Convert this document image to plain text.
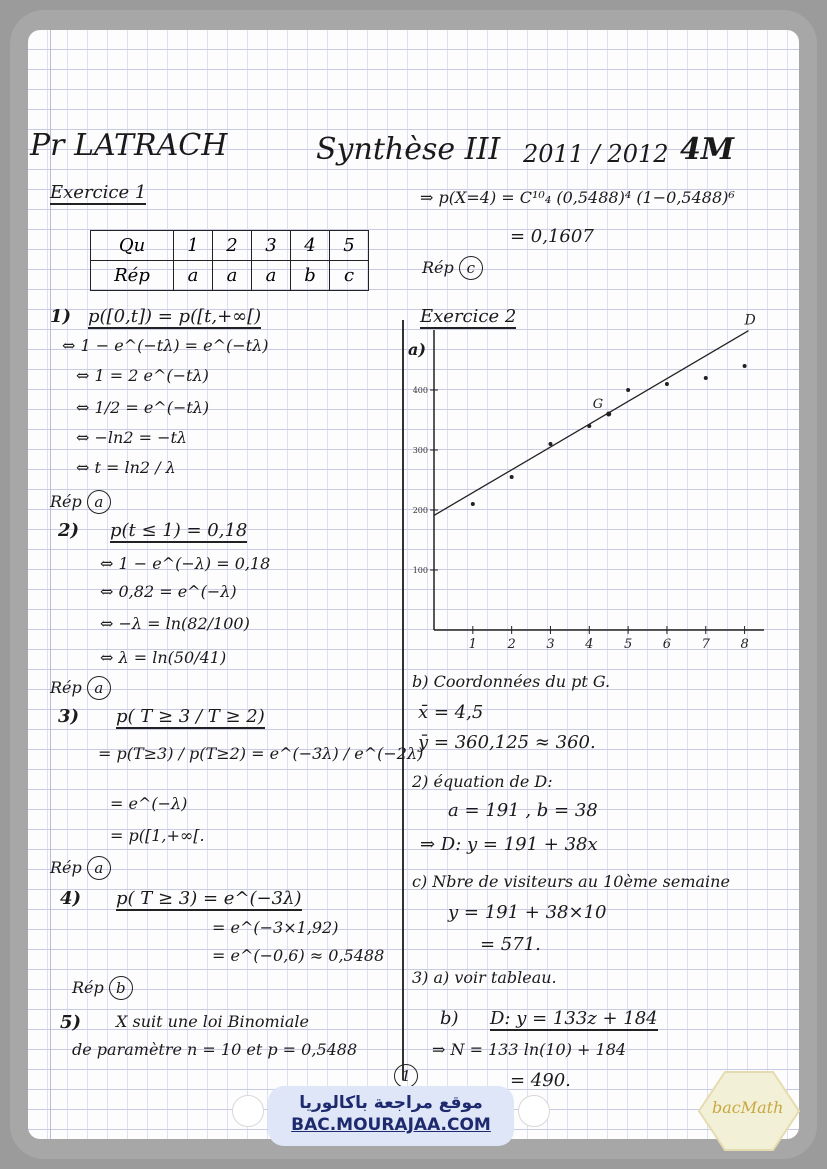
Pr LATRACH	Synthèse III 2011 / 2012 4M
Exercice 1
Qu	1	2	3	4	5
Rép	a	a	a	b	c
1) p([0,t]) = p([t,+∞[)
⇔ 1 − e^(−tλ) = e^(−tλ)
⇔ 1 = 2 e^(−tλ)
⇔ 1/2 = e^(−tλ)
⇔ −ln2 = −tλ
⇔ t = ln2 / λ
Rép a
2) p(t ≤ 1) = 0,18
⇔ 1 − e^(−λ) = 0,18
⇔ 0,82 = e^(−λ)
⇔ −λ = ln(82/100)
⇔ λ = ln(50/41)
Rép a
3) p( T ≥ 3 / T ≥ 2)
= p(T≥3) / p(T≥2) = e^(−3λ) / e^(−2λ)
= e^(−λ)
= p([1,+∞[.
Rép a
4) p( T ≥ 3) = e^(−3λ)
= e^(−3×1,92)
= e^(−0,6) ≈ 0,5488
Rép b
5) X suit une loi Binomiale
de paramètre n = 10 et p = 0,5488
⇒ p(X=4) = C¹⁰₄ (0,5488)⁴ (1−0,5488)⁶
= 0,1607
Rép c
Exercice 2
a)
1 2 3 4 5 6 7 8
100
200
300
400
D
G
b) Coordonnées du pt G.
x̄ = 4,5
ȳ = 360,125 ≈ 360.
2) équation de D:
a = 191 , b = 38
⇒ D: y = 191 + 38x
c) Nbre de visiteurs au 10ème semaine
y = 191 + 38×10
= 571.
3) a) voir tableau.
b) D: y = 133z + 184
⇒ N = 133 ln(10) + 184
= 490.
1
موقع مراجعة باكالوريا
BAC.MOURAJAA.COM
bacMath
